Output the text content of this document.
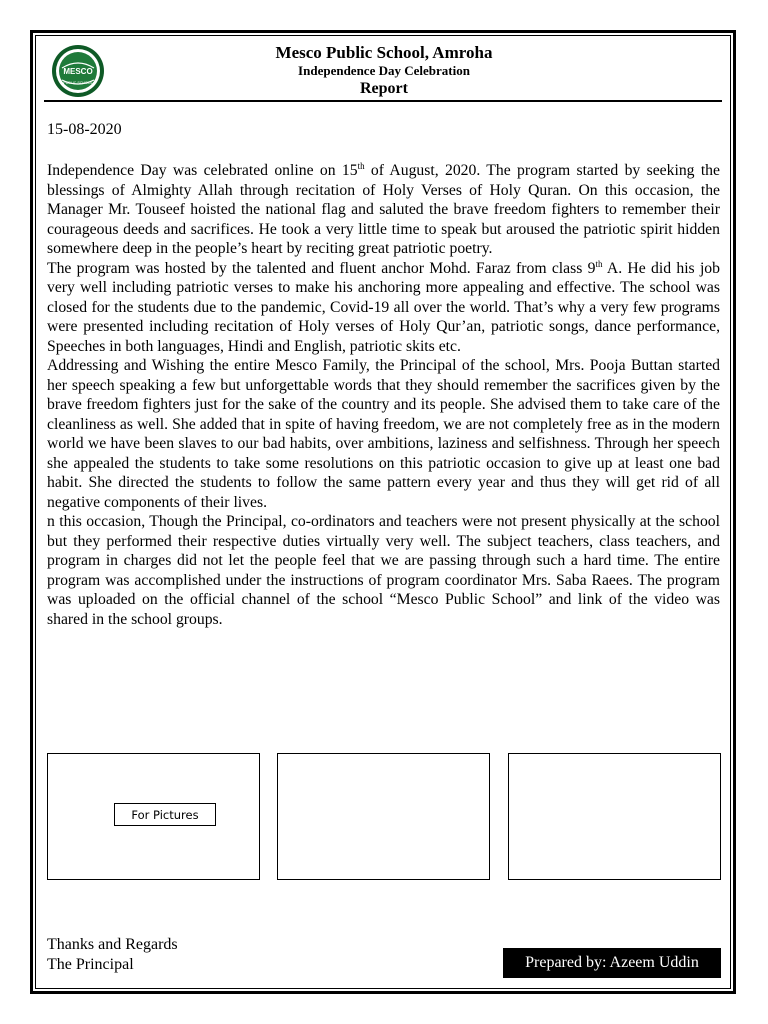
MESCO
PUBLIC SCHOOL

Mesco Public School, Amroha

Independence Day Celebration

Report

15-08-2020

Independence Day was celebrated online on 15th of August, 2020. The program started by seeking the blessings of Almighty Allah through recitation of Holy Verses of Holy Quran. On this occasion, the Manager Mr. Touseef hoisted the national flag and saluted the brave freedom fighters to remember their courageous deeds and sacrifices. He took a very little time to speak but aroused the patriotic spirit hidden somewhere deep in the people’s heart by reciting great patriotic poetry.

The program was hosted by the talented and fluent anchor Mohd. Faraz from class 9th A. He did his job very well including patriotic verses to make his anchoring more appealing and effective. The school was closed for the students due to the pandemic, Covid-19 all over the world. That’s why a very few programs were presented including recitation of Holy verses of Holy Qur’an, patriotic songs, dance performance, Speeches in both languages, Hindi and English, patriotic skits etc.

Addressing and Wishing the entire Mesco Family, the Principal of the school, Mrs. Pooja Buttan started her speech speaking a few but unforgettable words that they should remember the sacrifices given by the brave freedom fighters just for the sake of the country and its people. She advised them to take care of the cleanliness as well. She added that in spite of having freedom, we are not completely free as in the modern world we have been slaves to our bad habits, over ambitions, laziness and selfishness. Through her speech she appealed the students to take some resolutions on this patriotic occasion to give up at least one bad habit. She directed the students to follow the same pattern every year and thus they will get rid of all negative components of their lives.

n this occasion, Though the Principal, co-ordinators and teachers were not present physically at the school but they performed their respective duties virtually very well. The subject teachers, class teachers, and program in charges did not let the people feel that we are passing through such a hard time. The entire program was accomplished under the instructions of program coordinator Mrs. Saba Raees. The program was uploaded on the official channel of the school “Mesco Public School” and link of the video was shared in the school groups.

For Pictures
Thanks and Regards
The Principal	Prepared by: Azeem Uddin
